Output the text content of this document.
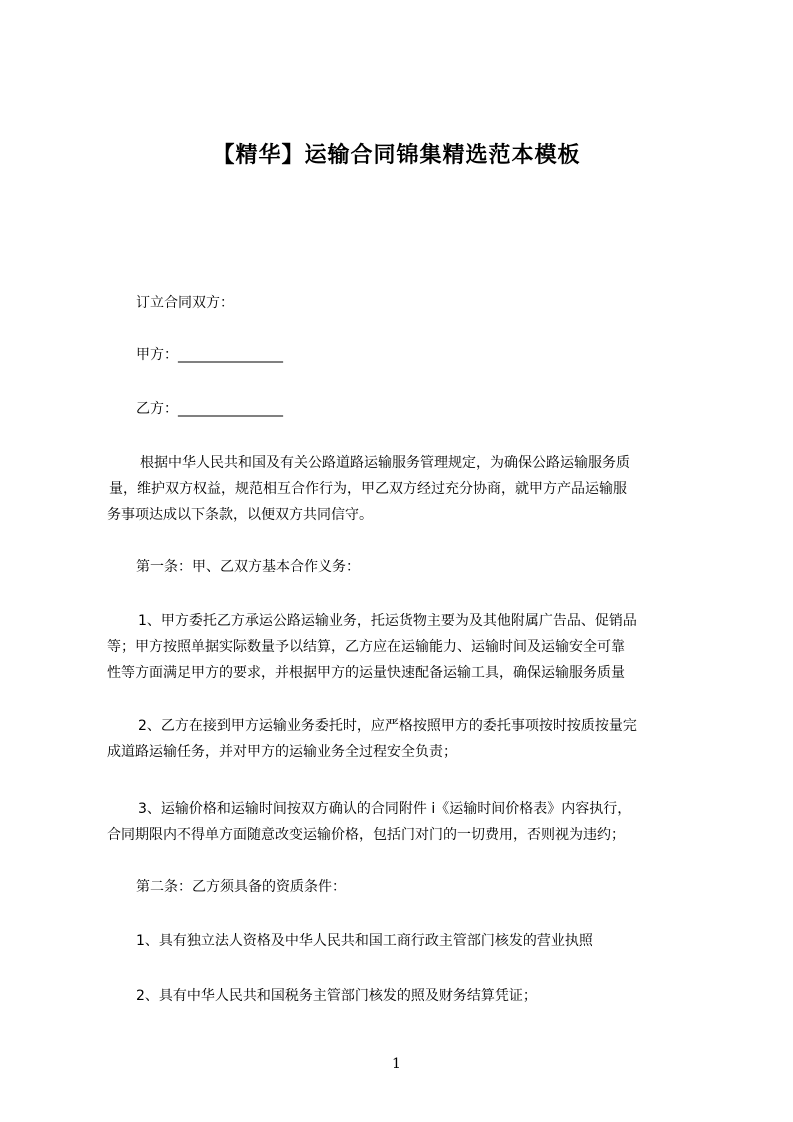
【精华】运输合同锦集精选范本模板
订立合同双方：
甲方：_______________
乙方：_______________
根据中华人民共和国及有关公路道路运输服务管理规定，为确保公路运输服务质
量，维护双方权益，规范相互合作行为，甲乙双方经过充分协商，就甲方产品运输服
务事项达成以下条款，以便双方共同信守。
第一条：甲、乙双方基本合作义务：
1、甲方委托乙方承运公路运输业务，托运货物主要为及其他附属广告品、促销品
等；甲方按照单据实际数量予以结算，乙方应在运输能力、运输时间及运输安全可靠
性等方面满足甲方的要求，并根据甲方的运量快速配备运输工具，确保运输服务质量
2、乙方在接到甲方运输业务委托时，应严格按照甲方的委托事项按时按质按量完
成道路运输任务，并对甲方的运输业务全过程安全负责；
3、运输价格和运输时间按双方确认的合同附件 i《运输时间价格表》内容执行，
合同期限内不得单方面随意改变运输价格，包括门对门的一切费用，否则视为违约；
第二条：乙方须具备的资质条件：
1、具有独立法人资格及中华人民共和国工商行政主管部门核发的营业执照
2、具有中华人民共和国税务主管部门核发的照及财务结算凭证；
1
